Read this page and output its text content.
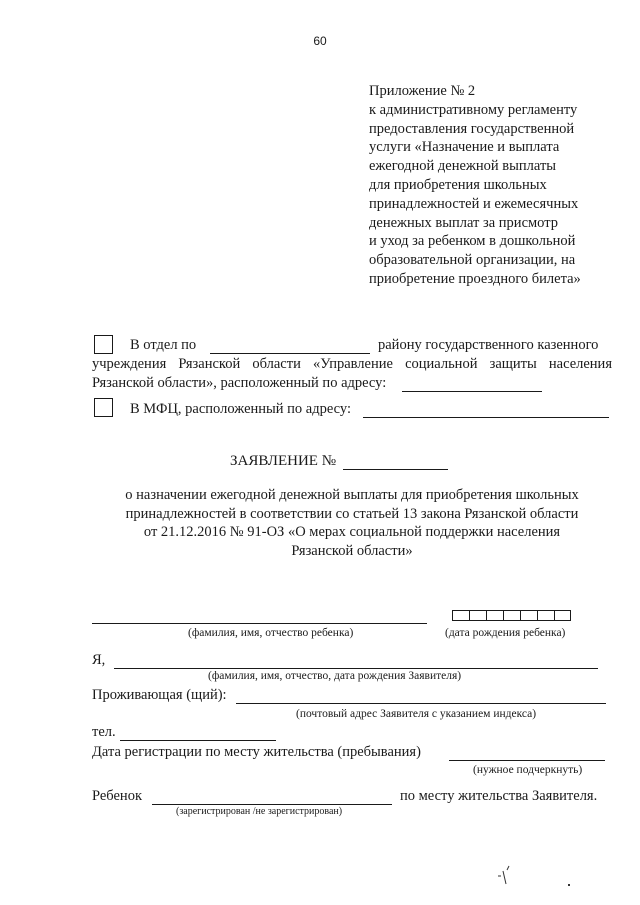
60
Приложение № 2
к административному регламенту
предоставления государственной
услуги «Назначение и выплата
ежегодной денежной выплаты
для приобретения школьных
принадлежностей и ежемесячных
денежных выплат за присмотр
и уход за ребенком в дошкольной
образовательной организации, на
приобретение проездного билета»
В отдел по	району государственного казенного
учреждения Рязанской области «Управление социальной защиты населения
Рязанской области», расположенный по адресу:
В МФЦ, расположенный по адресу:
ЗАЯВЛЕНИЕ №
о назначении ежегодной денежной выплаты для приобретения школьных
принадлежностей в соответствии со статьей 13 закона Рязанской области
от 21.12.2016 № 91-ОЗ «О мерах социальной поддержки населения
Рязанской области»
(фамилия, имя, отчество ребенка)	(дата рождения ребенка)
Я,
(фамилия, имя, отчество, дата рождения Заявителя)
Проживающая (щий):
(почтовый адрес Заявителя с указанием индекса)
тел.
Дата регистрации по месту жительства (пребывания)
(нужное подчеркнуть)
Ребенок	по месту жительства Заявителя.
(зарегистрирован /не зарегистрирован)
